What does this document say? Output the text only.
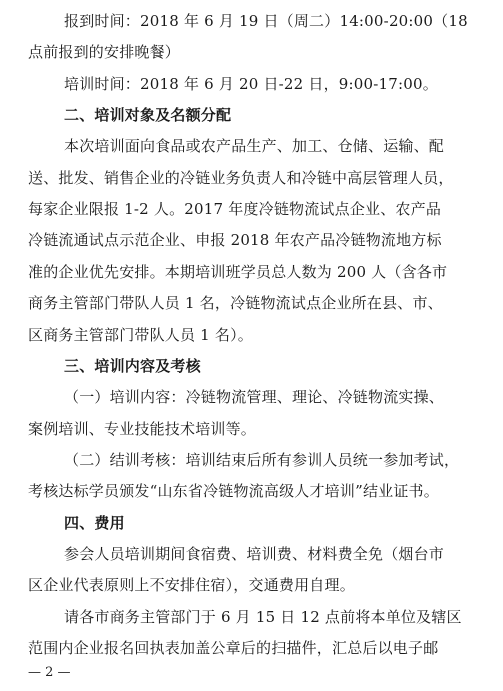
报到时间：2018 年 6 月 19 日（周二）14:00-20:00（18
点前报到的安排晚餐）
培训时间：2018 年 6 月 20 日-22 日，9:00-17:00。
二、培训对象及名额分配
本次培训面向食品或农产品生产、加工、仓储、运输、配
送、批发、销售企业的冷链业务负责人和冷链中高层管理人员，
每家企业限报 1-2 人。2017 年度冷链物流试点企业、农产品
冷链流通试点示范企业、申报 2018 年农产品冷链物流地方标
准的企业优先安排。本期培训班学员总人数为 200 人（含各市
商务主管部门带队人员 1 名，冷链物流试点企业所在县、市、
区商务主管部门带队人员 1 名）。
三、培训内容及考核
（一）培训内容：冷链物流管理、理论、冷链物流实操、
案例培训、专业技能技术培训等。
（二）结训考核：培训结束后所有参训人员统一参加考试，
考核达标学员颁发“山东省冷链物流高级人才培训”结业证书。
四、费用
参会人员培训期间食宿费、培训费、材料费全免（烟台市
区企业代表原则上不安排住宿），交通费用自理。
请各市商务主管部门于 6 月 15 日 12 点前将本单位及辖区
范围内企业报名回执表加盖公章后的扫描件，汇总后以电子邮
— 2 —
